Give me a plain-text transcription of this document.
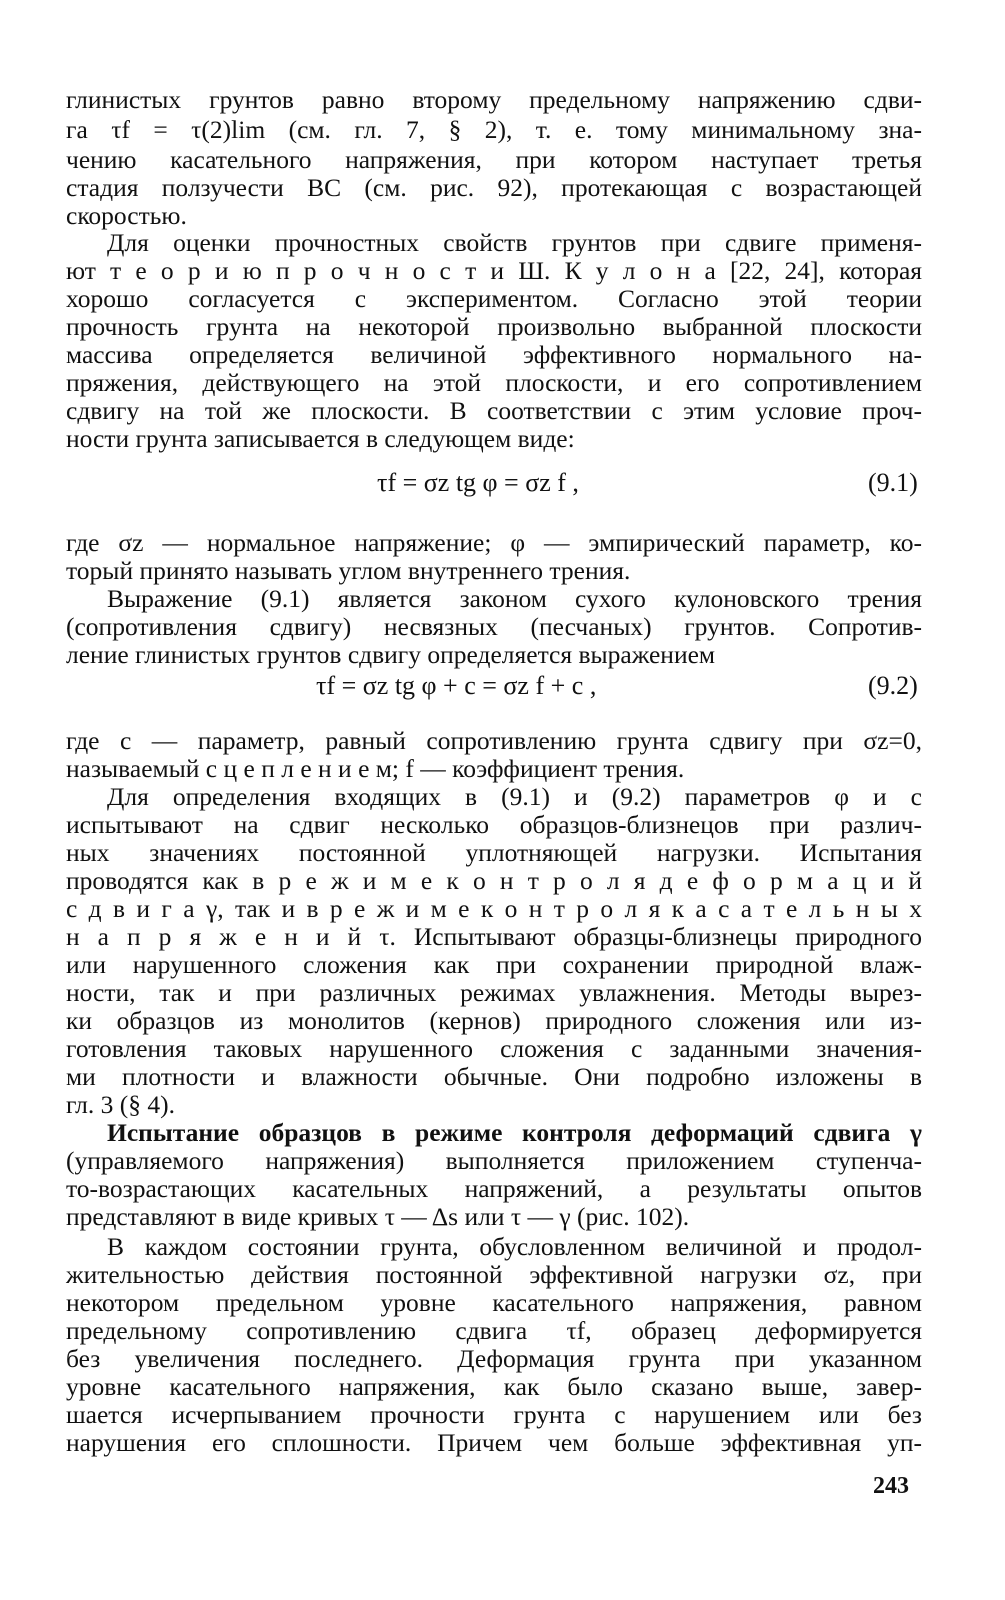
глинистых грунтов равно второму предельному напряжению сдви-
га τf = τ(2)lim (см. гл. 7, § 2), т. е. тому минимальному зна-
чению касательного напряжения, при котором наступает третья
стадия ползучести BC (см. рис. 92), протекающая с возрастающей
скоростью.
Для оценки прочностных свойств грунтов при сдвиге применя-
ют т е о р и ю п р о ч н о с т и Ш. К у л о н а [22, 24], которая
хорошо согласуется с экспериментом. Согласно этой теории
прочность грунта на некоторой произвольно выбранной плоскости
массива определяется величиной эффективного нормального на-
пряжения, действующего на этой плоскости, и его сопротивлением
сдвигу на той же плоскости. В соответствии с этим условие проч-
ности грунта записывается в следующем виде:
где σz — нормальное напряжение; φ — эмпирический параметр, ко-
торый принято называть углом внутреннего трения.
Выражение (9.1) является законом сухого кулоновского трения
(сопротивления сдвигу) несвязных (песчаных) грунтов. Сопротив-
ление глинистых грунтов сдвигу определяется выражением
где c — параметр, равный сопротивлению грунта сдвигу при σz=0,
называемый с ц е п л е н и е м; f — коэффициент трения.
Для определения входящих в (9.1) и (9.2) параметров φ и c
испытывают на сдвиг несколько образцов-близнецов при различ-
ных значениях постоянной уплотняющей нагрузки. Испытания
проводятся как в р е ж и м е к о н т р о л я д е ф о р м а ц и й
с д в и г а γ, так и в р е ж и м е к о н т р о л я к а с а т е л ь н ы х
н а п р я ж е н и й τ. Испытывают образцы-близнецы природного
или нарушенного сложения как при сохранении природной влаж-
ности, так и при различных режимах увлажнения. Методы вырез-
ки образцов из монолитов (кернов) природного сложения или из-
готовления таковых нарушенного сложения с заданными значения-
ми плотности и влажности обычные. Они подробно изложены в
гл. 3 (§ 4).
Испытание образцов в режиме контроля деформаций сдвига γ
(управляемого напряжения) выполняется приложением ступенча-
то-возрастающих касательных напряжений, а результаты опытов
представляют в виде кривых τ — Δs или τ — γ (рис. 102).
В каждом состоянии грунта, обусловленном величиной и продол-
жительностью действия постоянной эффективной нагрузки σz, при
некотором предельном уровне касательного напряжения, равном
предельному сопротивлению сдвига τf, образец деформируется
без увеличения последнего. Деформация грунта при указанном
уровне касательного напряжения, как было сказано выше, завер-
шается исчерпыванием прочности грунта с нарушением или без
нарушения его сплошности. Причем чем больше эффективная уп-
τf = σz tg φ = σz f ,	(9.1)
τf = σz tg φ + c = σz f + c ,	(9.2)
243
